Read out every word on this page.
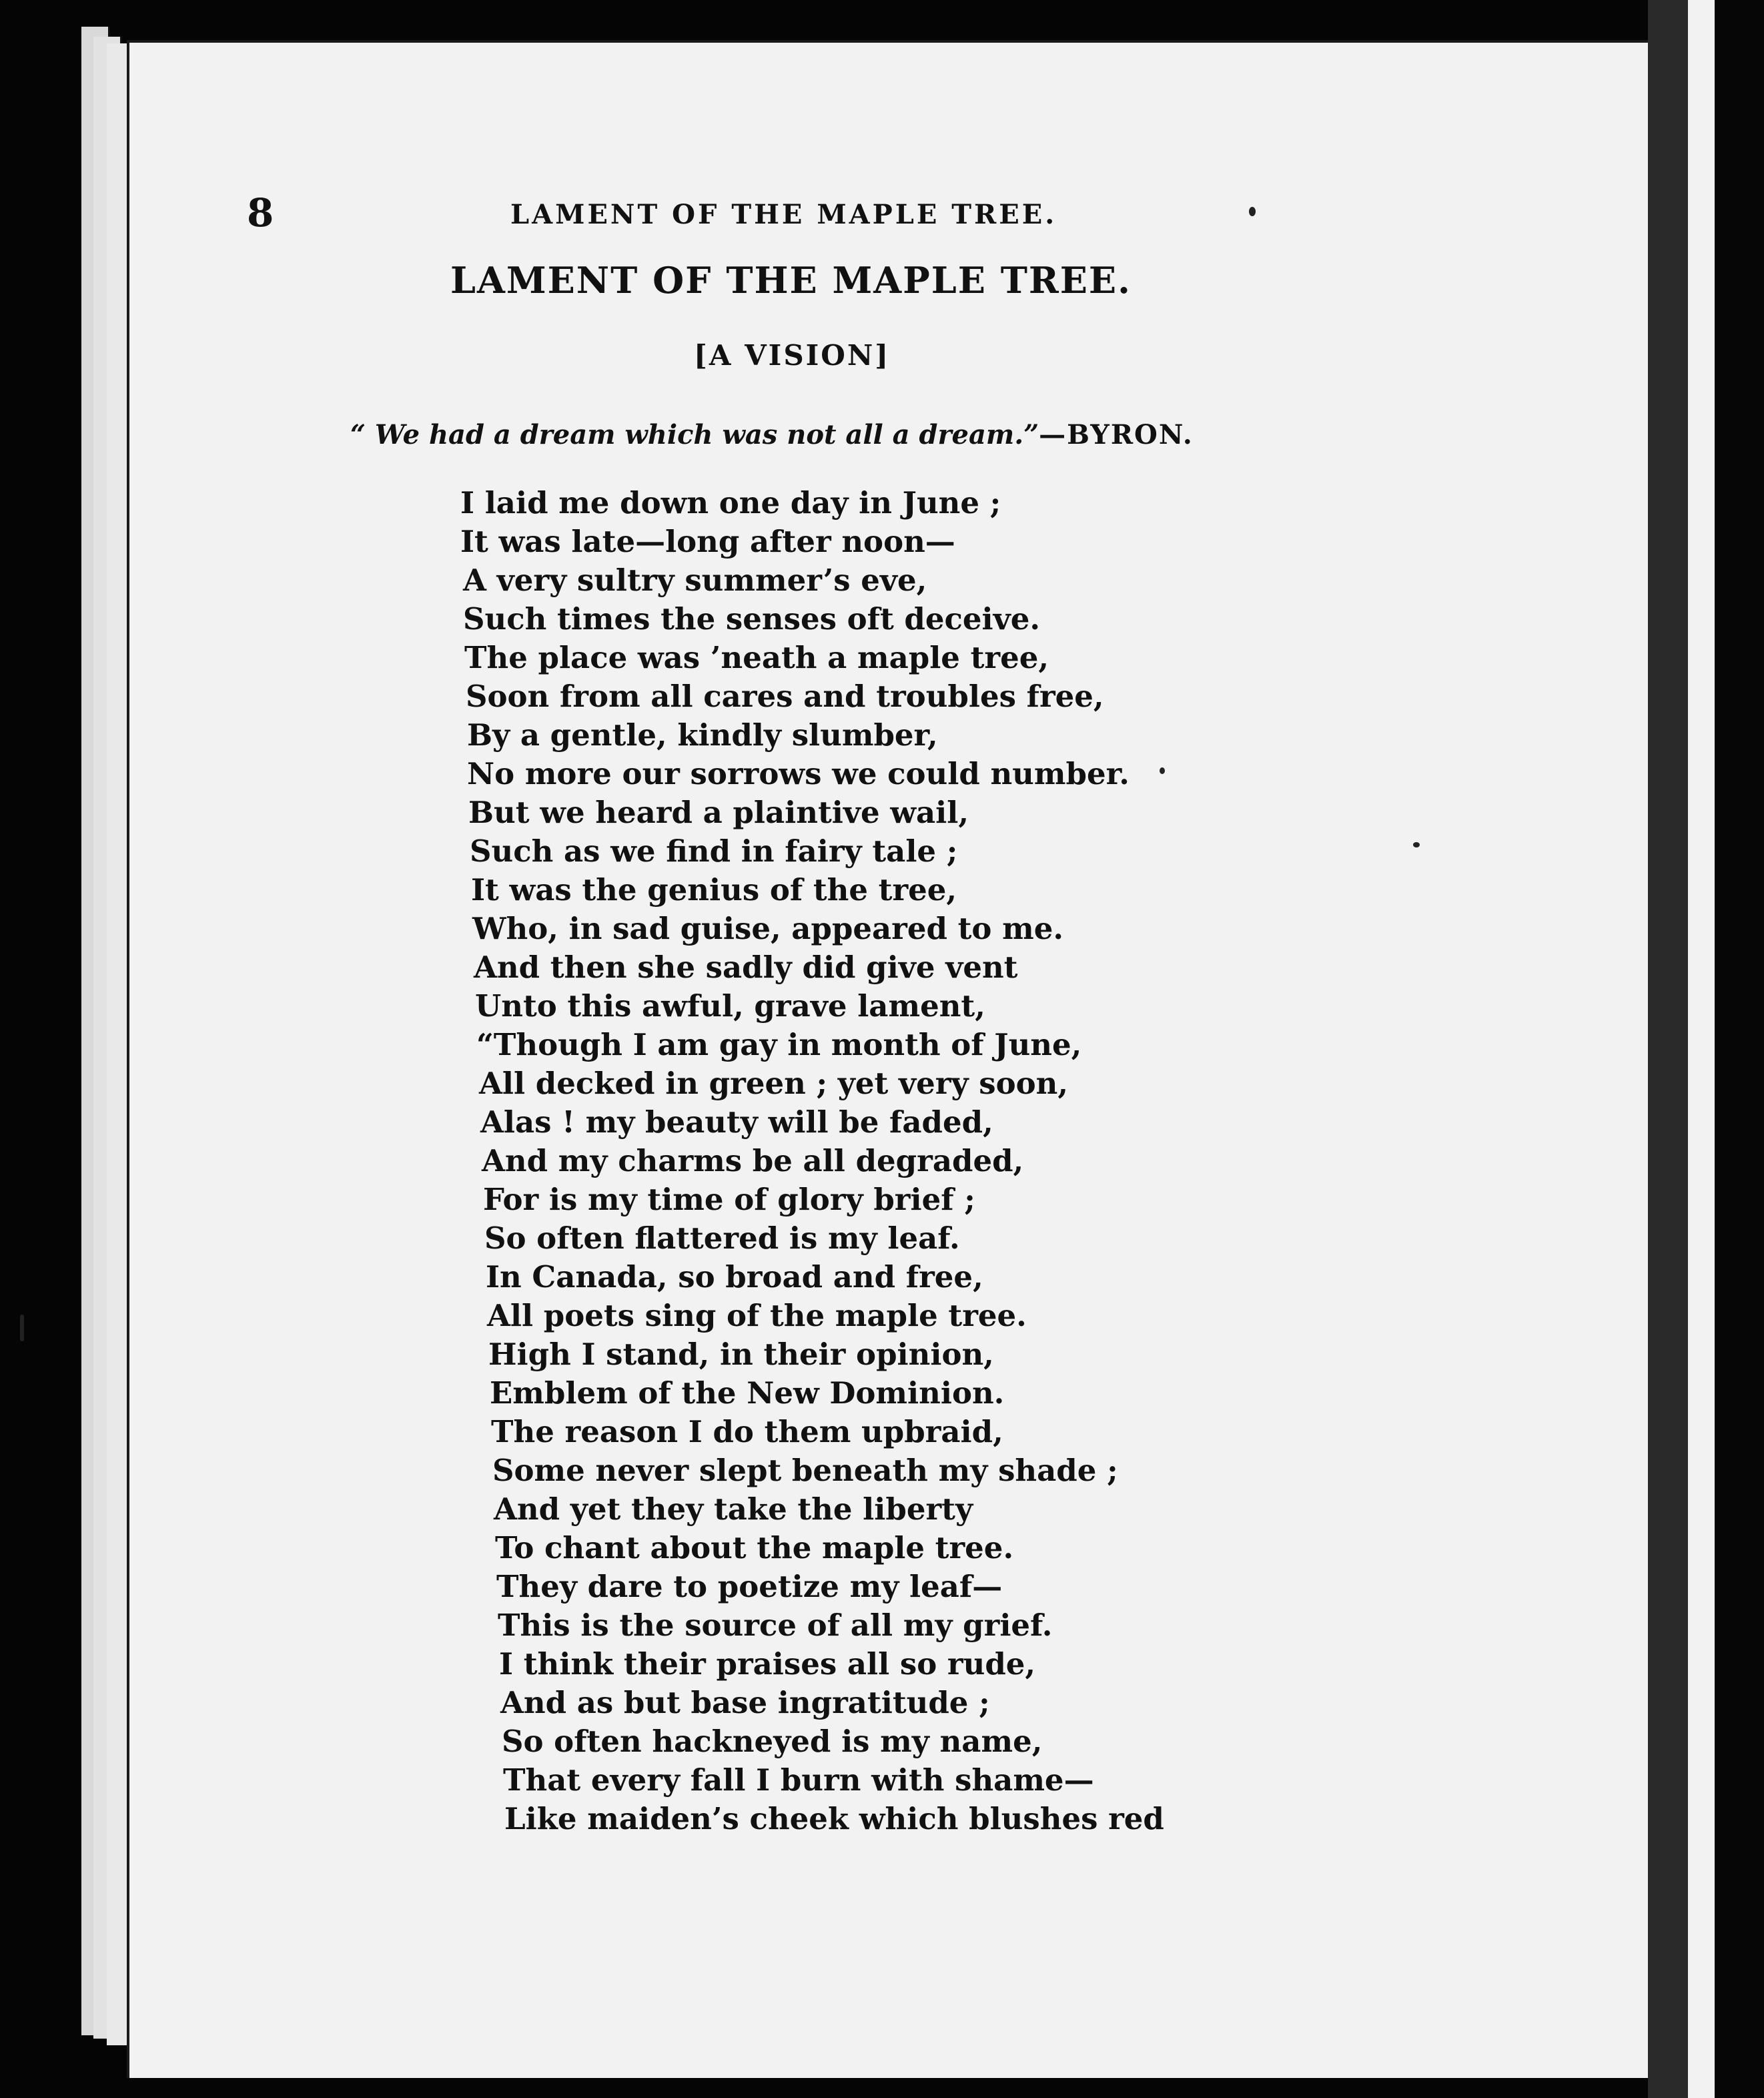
8	LAMENT OF THE MAPLE TREE.
LAMENT OF THE MAPLE TREE.
[A VISION]
“ We had a dream which was not all a dream.”—BYRON.
I laid me down one day in June ;
It was late—long after noon—
A very sultry summer’s eve,
Such times the senses oft deceive.
The place was ’neath a maple tree,
Soon from all cares and troubles free,
By a gentle, kindly slumber,
No more our sorrows we could number.
But we heard a plaintive wail,
Such as we find in fairy tale ;
It was the genius of the tree,
Who, in sad guise, appeared to me.
And then she sadly did give vent
Unto this awful, grave lament,
“Though I am gay in month of June,
All decked in green ; yet very soon,
Alas ! my beauty will be faded,
And my charms be all degraded,
For is my time of glory brief ;
So often flattered is my leaf.
In Canada, so broad and free,
All poets sing of the maple tree.
High I stand, in their opinion,
Emblem of the New Dominion.
The reason I do them upbraid,
Some never slept beneath my shade ;
And yet they take the liberty
To chant about the maple tree.
They dare to poetize my leaf—
This is the source of all my grief.
I think their praises all so rude,
And as but base ingratitude ;
So often hackneyed is my name,
That every fall I burn with shame—
Like maiden’s cheek which blushes red
